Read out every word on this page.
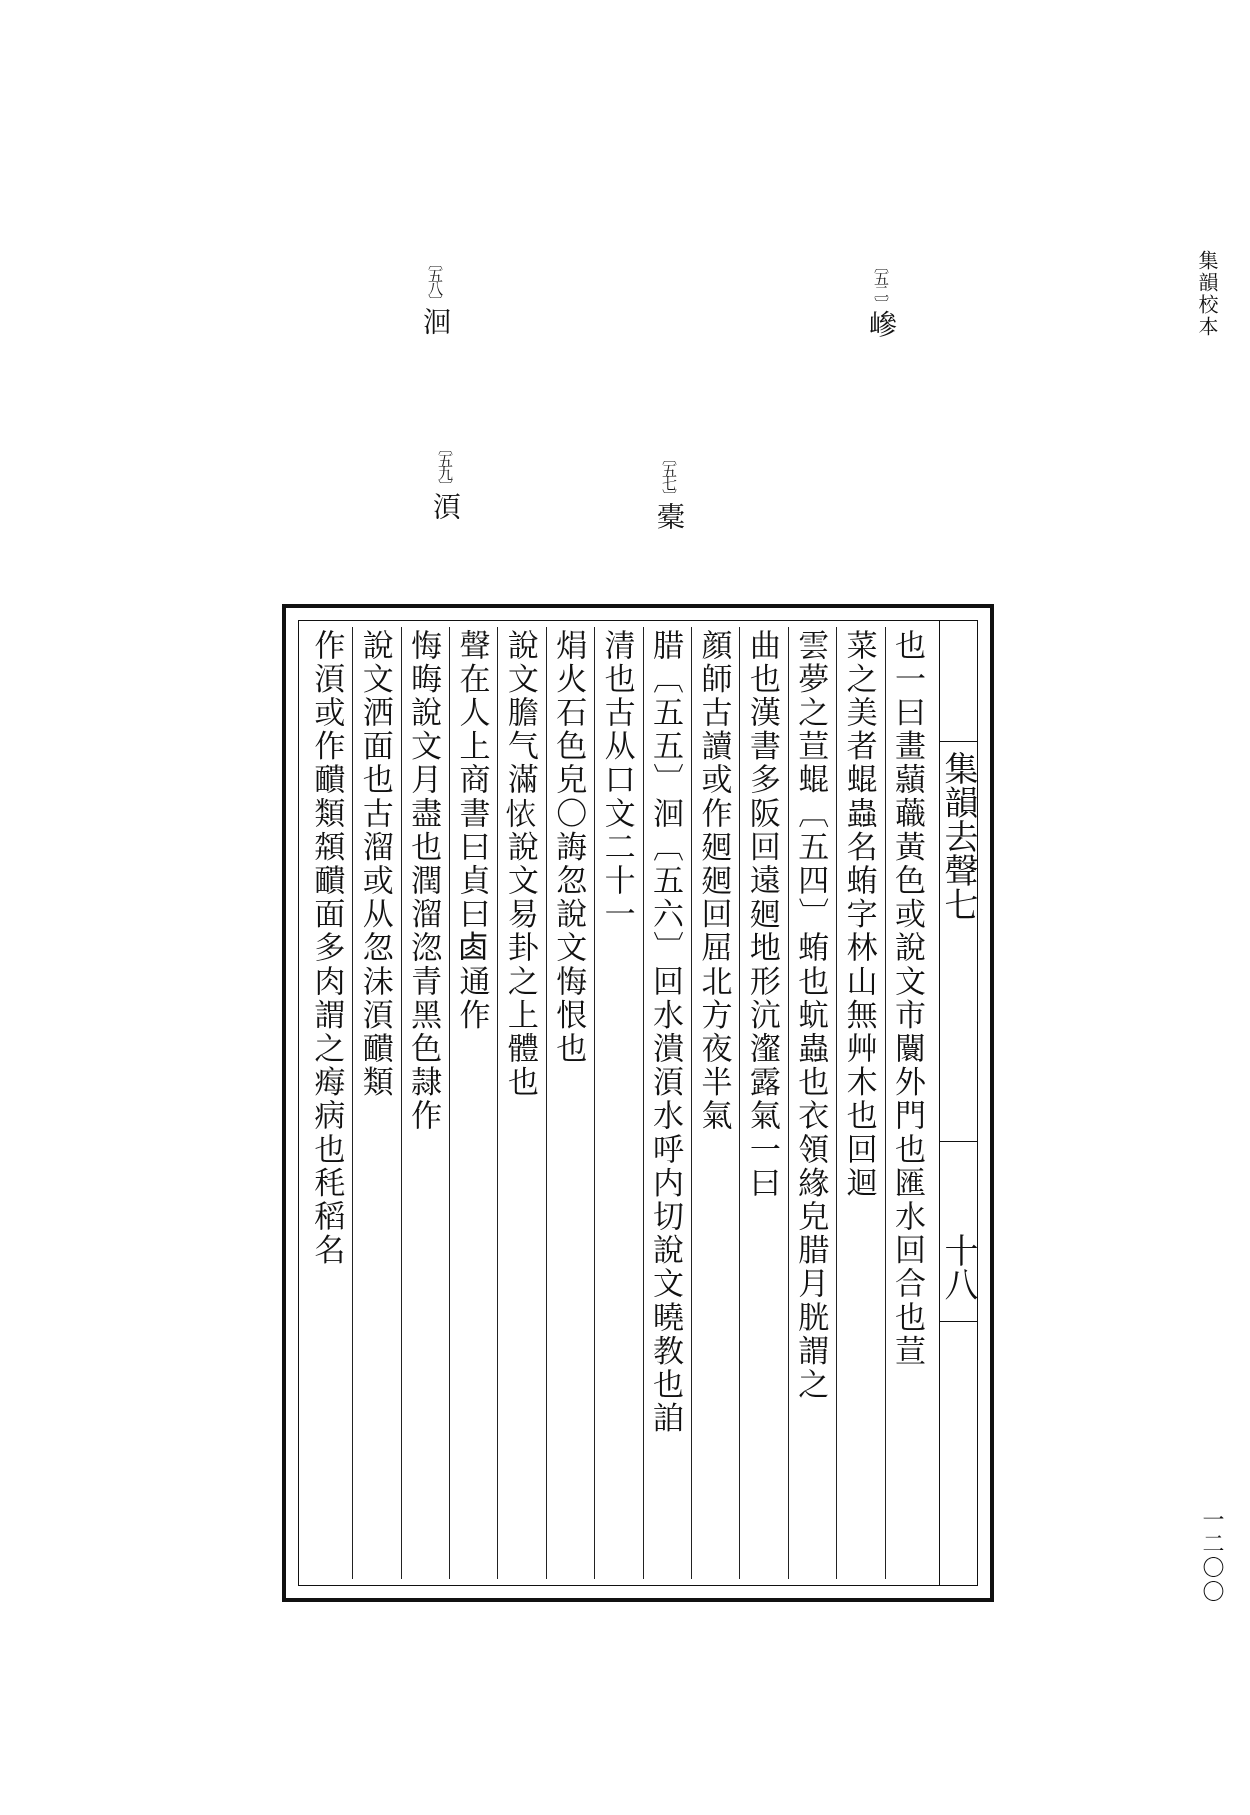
集韻校本
一二〇〇
〔五二〕㠁
〔五七〕橐
〔五八〕洄
〔五九〕湏
集韻去聲七
十八
也一曰畫蘏蘵黃色或說文市闤外門也匯水回合也荁
菜之美者蜫蟲名蛕字林山無艸木也回迴
雲夢之荁蜫〔五四〕蛕也蚢蟲也衣領緣皃腊月胱謂之
曲也漢書多阪回遠𢌞地形沆瀣露氣一曰
顔師古讀或作𢌞𢌞回屈北方夜半氣
腊〔五五〕洄〔五六〕回水潰湏水呼内切說文曉教也詯
清也古从口文二十一
焆火石色皃〇誨忽說文悔恨也
說文膽气滿𢙇說文易卦之上體也
聲在人上商書曰貞曰𠧪通作
悔晦說文月盡也潤溜淴青黑色隷作
說文洒面也古溜或从忽沬湏靧類
作湏或作靧類頮靧面多肉謂之痗病也秏稻名
